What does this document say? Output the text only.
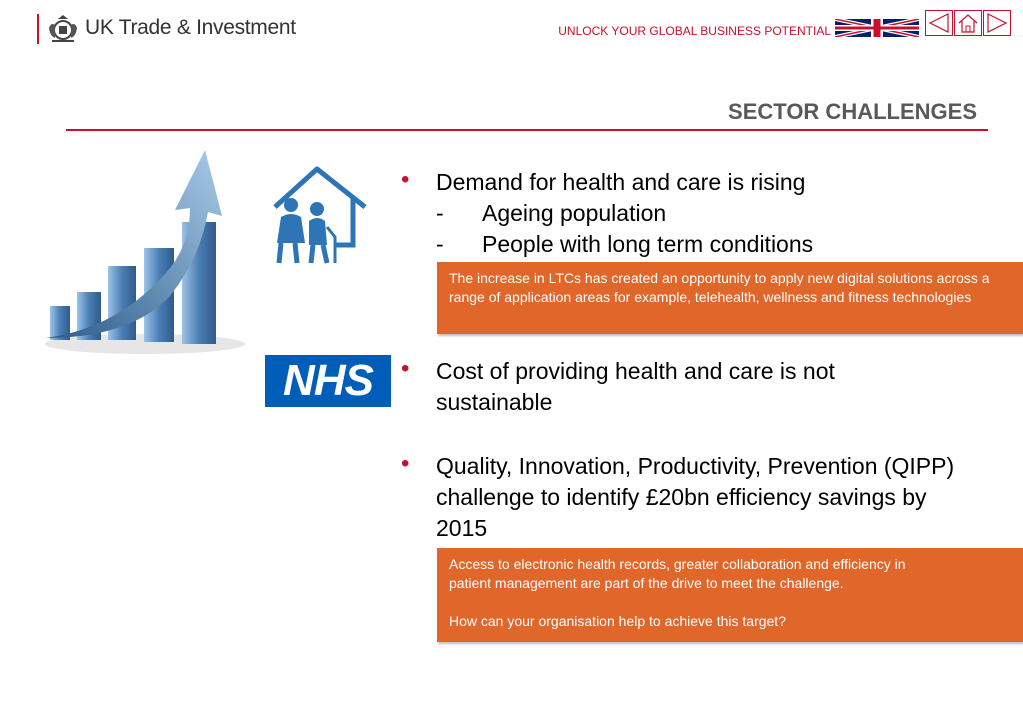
UK Trade & Investment	UNLOCK YOUR GLOBAL BUSINESS POTENTIAL
SECTOR CHALLENGES
NHS
• Demand for health and care is rising
- Ageing population
- People with long term conditions

The increase in LTCs has created an opportunity to apply new digital solutions across a range of application areas for example, telehealth, wellness and fitness technologies

• Cost of providing health and care is not sustainable
• Quality, Innovation, Productivity, Prevention (QIPP) challenge to identify £20bn efficiency savings by 2015

Access to electronic health records, greater collaboration and efficiency in patient management are part of the drive to meet the challenge.

How can your organisation help to achieve this target?
